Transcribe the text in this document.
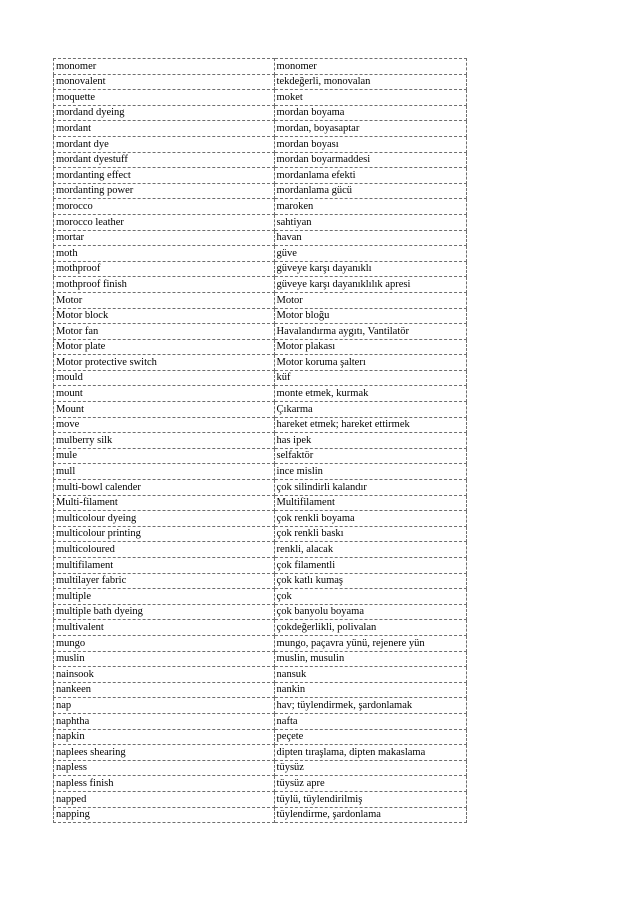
monomer	monomer
monovalent	tekdeğerli, monovalan
moquette	moket
mordand dyeing	mordan boyama
mordant	mordan, boyasaptar
mordant dye	mordan boyası
mordant dyestuff	mordan boyarmaddesi
mordanting effect	mordanlama efekti
mordanting power	mordanlama gücü
morocco	maroken
morocco leather	sahtiyan
mortar	havan
moth	güve
mothproof	güveye karşı dayanıklı
mothproof finish	güveye karşı dayanıklılık apresi
Motor	Motor
Motor block	Motor bloğu
Motor fan	Havalandırma aygıtı, Vantilatör
Motor plate	Motor plakası
Motor protective switch	Motor koruma şalterı
mould	küf
mount	monte etmek, kurmak
Mount	Çıkarma
move	hareket etmek; hareket ettirmek
mulberry silk	has ipek
mule	selfaktör
mull	ince mislin
multi-bowl calender	çok silindirli kalandır
Multi-filament	Multifilament
multicolour dyeing	çok renkli boyama
multicolour printing	çok renkli baskı
multicoloured	renkli, alacak
multifilament	çok filamentli
multilayer fabric	çok katlı kumaş
multiple	çok
multiple bath dyeing	çok banyolu boyama
multivalent	çokdeğerlikli, polivalan
mungo	mungo, paçavra yünü, rejenere yün
muslin	muslin, musulin
nainsook	nansuk
nankeen	nankin
nap	hav; tüylendirmek, şardonlamak
naphtha	nafta
napkin	peçete
naplees shearing	dipten tıraşlama, dipten makaslama
napless	tüysüz
napless finish	tüysüz apre
napped	tüylü, tüylendirilmiş
napping	tüylendirme, şardonlama
